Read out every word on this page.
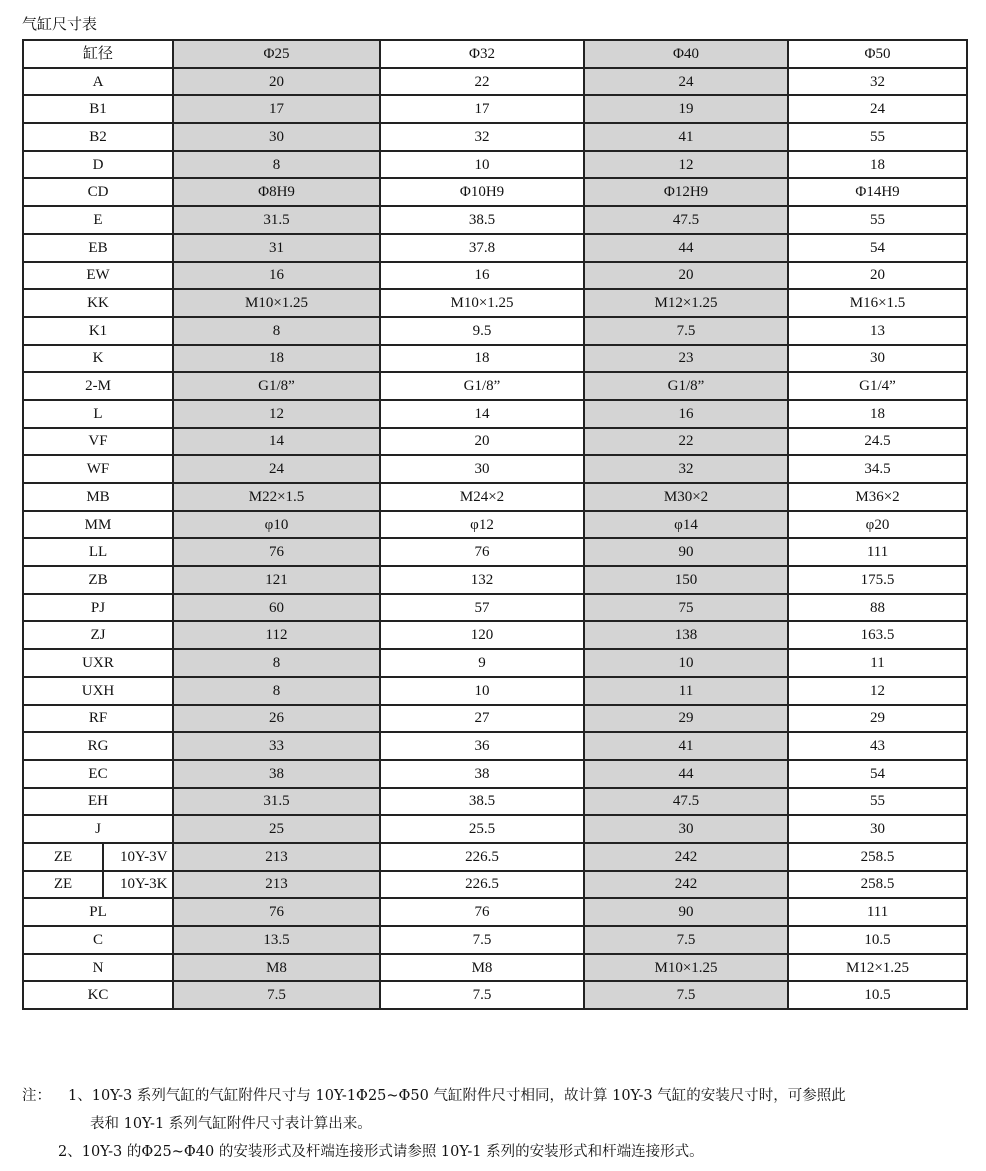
气缸尺寸表
缸径		Φ25	Φ32	Φ40	Φ50
A		20	22	24	32
B1		17	17	19	24
B2		30	32	41	55
D		8	10	12	18
CD		Φ8H9	Φ10H9	Φ12H9	Φ14H9
E		31.5	38.5	47.5	55
EB		31	37.8	44	54
EW		16	16	20	20
KK		M10×1.25	M10×1.25	M12×1.25	M16×1.5
K1		8	9.5	7.5	13
K		18	18	23	30
2-M		G1/8”	G1/8”	G1/8”	G1/4”
L		12	14	16	18
VF		14	20	22	24.5
WF		24	30	32	34.5
MB		M22×1.5	M24×2	M30×2	M36×2
MM		φ10	φ12	φ14	φ20
LL		76	76	90	111
ZB		121	132	150	175.5
PJ		60	57	75	88
ZJ		112	120	138	163.5
UXR		8	9	10	11
UXH		8	10	11	12
RF		26	27	29	29
RG		33	36	41	43
EC		38	38	44	54
EH		31.5	38.5	47.5	55
J		25	25.5	30	30
ZE	10Y-3V	213	226.5	242	258.5
ZE	10Y-3K	213	226.5	242	258.5
PL		76	76	90	111
C		13.5	7.5	7.5	10.5
N		M8	M8	M10×1.25	M12×1.25
KC		7.5	7.5	7.5	10.5
注： 1、10Y-3 系列气缸的气缸附件尺寸与 10Y-1Φ25~Φ50 气缸附件尺寸相同，故计算 10Y-3 气缸的安装尺寸时，可参照此
表和 10Y-1 系列气缸附件尺寸表计算出来。
2、10Y-3 的Φ25~Φ40 的安装形式及杆端连接形式请参照 10Y-1 系列的安装形式和杆端连接形式。
